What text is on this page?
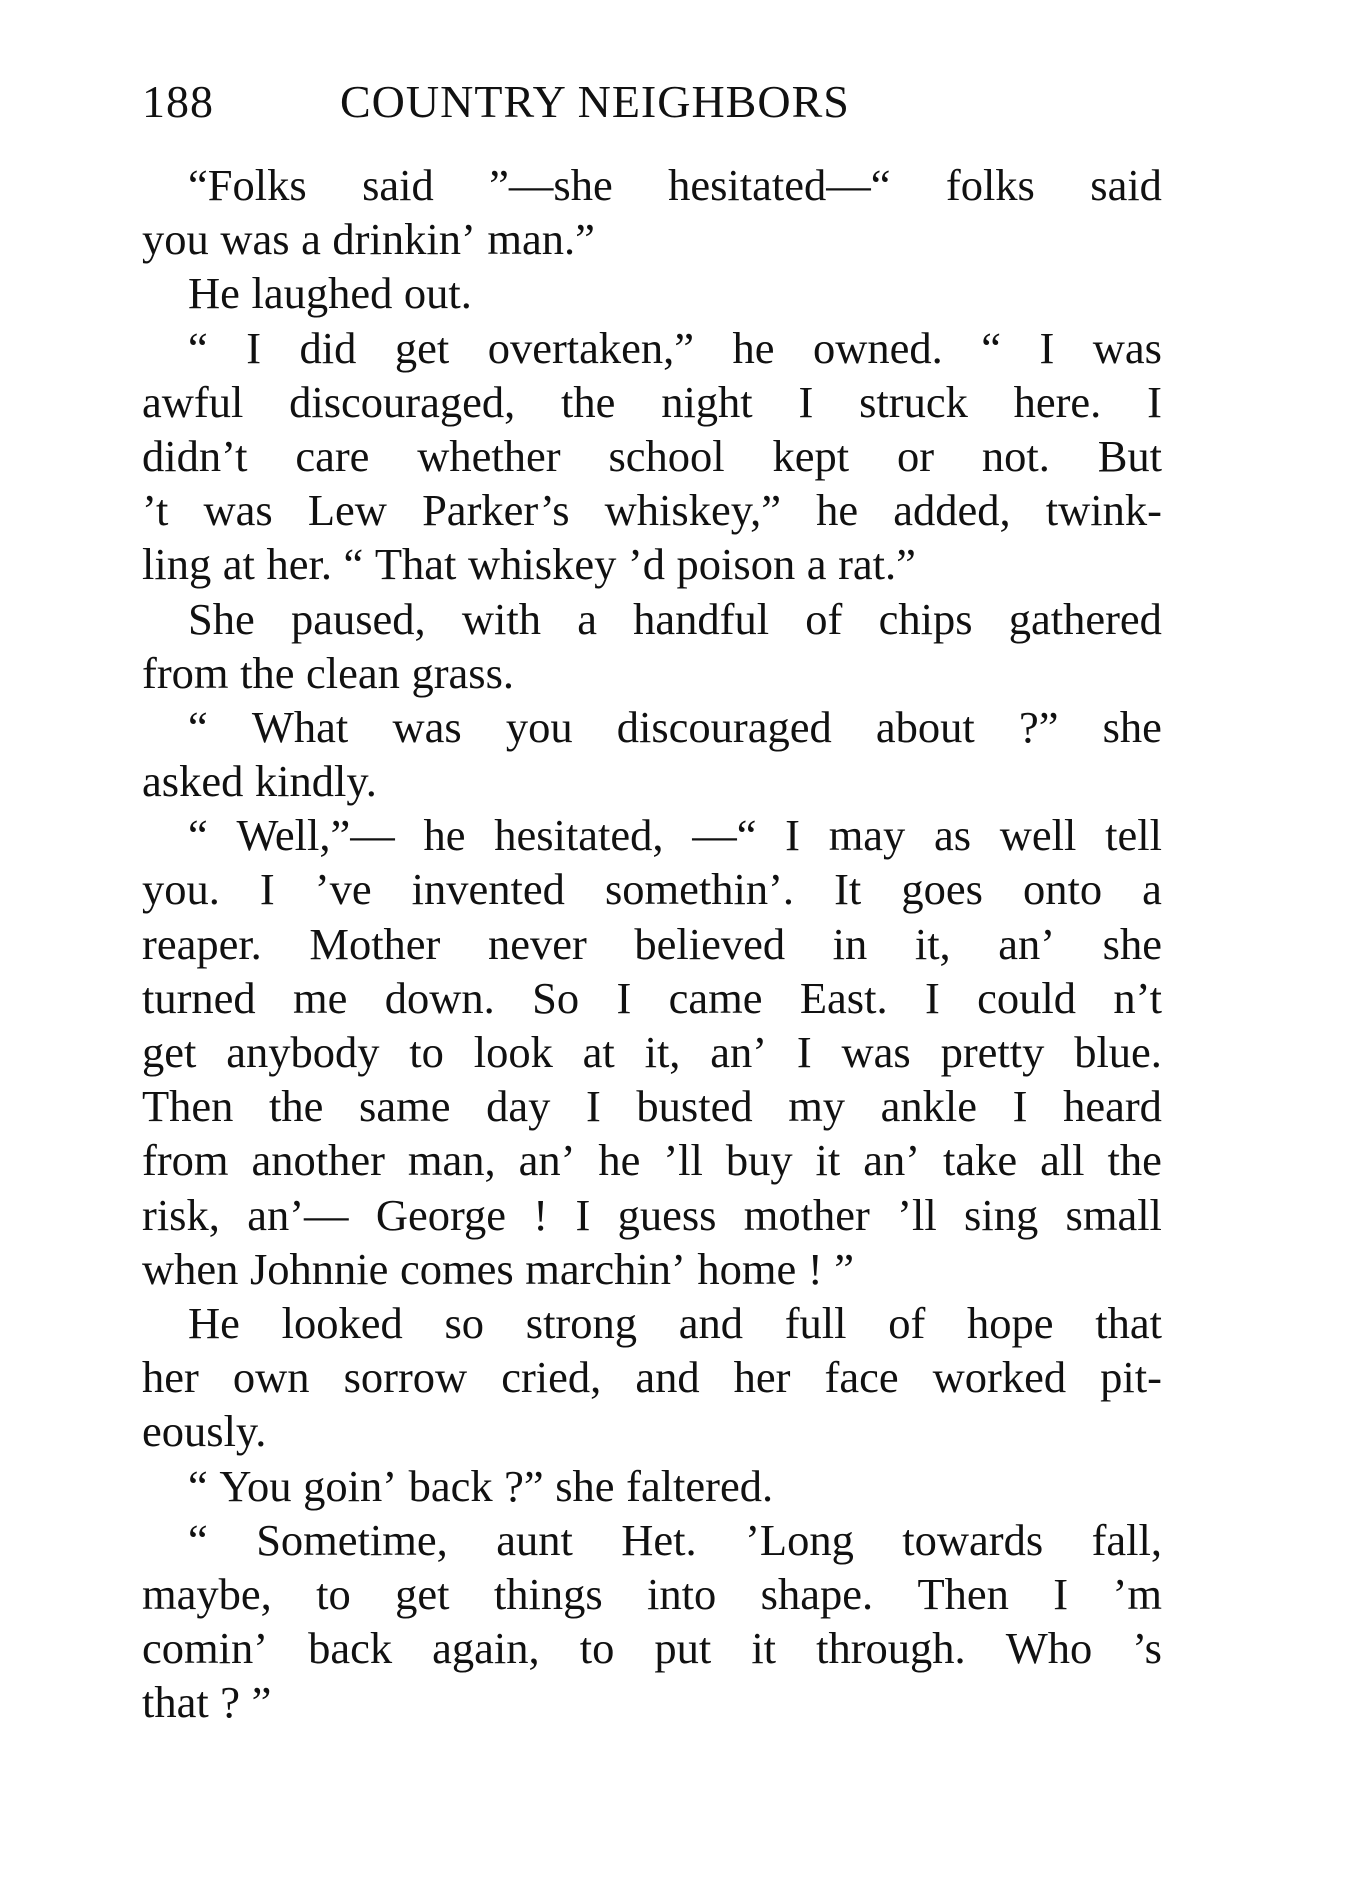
188	COUNTRY NEIGHBORS
“Folks said ”—she hesitated—“ folks said
you was a drinkin’ man.”
He laughed out.
“ I did get overtaken,” he owned. “ I was
awful discouraged, the night I struck here. I
didn’t care whether school kept or not. But
’t was Lew Parker’s whiskey,” he added, twink-
ling at her. “ That whiskey ’d poison a rat.”
She paused, with a handful of chips gathered
from the clean grass.
“ What was you discouraged about ?” she
asked kindly.
“ Well,”— he hesitated, —“ I may as well tell
you. I ’ve invented somethin’. It goes onto a
reaper. Mother never believed in it, an’ she
turned me down. So I came East. I could n’t
get anybody to look at it, an’ I was pretty blue.
Then the same day I busted my ankle I heard
from another man, an’ he ’ll buy it an’ take all the
risk, an’— George ! I guess mother ’ll sing small
when Johnnie comes marchin’ home ! ”
He looked so strong and full of hope that
her own sorrow cried, and her face worked pit-
eously.
“ You goin’ back ?” she faltered.
“ Sometime, aunt Het. ’Long towards fall,
maybe, to get things into shape. Then I ’m
comin’ back again, to put it through. Who ’s
that ? ”
